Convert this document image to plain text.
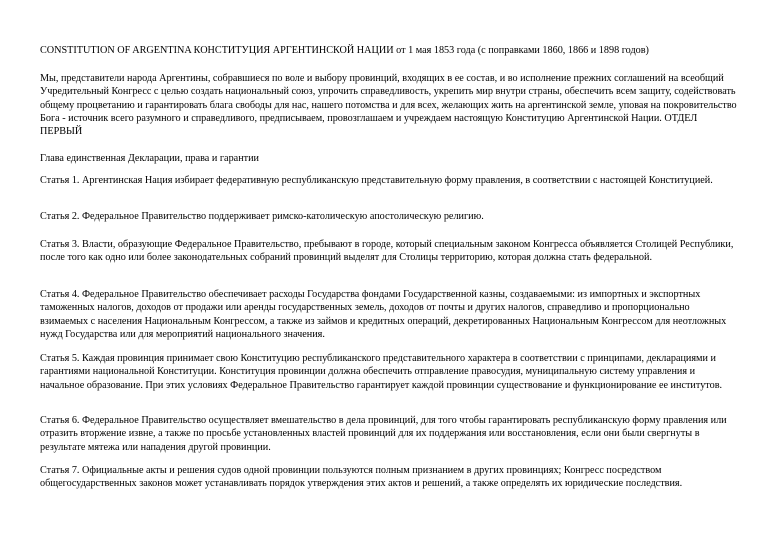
CONSTITUTION OF ARGENTINA КОНСТИТУЦИЯ АРГЕНТИНСКОЙ НАЦИИ от 1 мая 1853 года (с поправками 1860, 1866 и 1898 годов)

Мы, представители народа Аргентины, собравшиеся по воле и выбору провинций, входящих в ее состав, и во исполнение прежних соглашений на всеобщий Учредительный Конгресс с целью создать национальный союз, упрочить справедливость, укрепить мир внутри страны, обеспечить всем защиту, содействовать общему процветанию и гарантировать блага свободы для нас, нашего потомства и для всех, желающих жить на аргентинской земле, уповая на покровительство Бога - источник всего разумного и справедливого, предписываем, провозглашаем и учреждаем настоящую Конституцию Аргентинской Нации. ОТДЕЛ ПЕРВЫЙ

Глава единственная Декларации, права и гарантии

Статья 1. Аргентинская Нация избирает федеративную республиканскую представительную форму правления, в соответствии с настоящей Конституцией.

Статья 2. Федеральное Правительство поддерживает римско-католическую апостолическую религию.

Статья 3. Власти, образующие Федеральное Правительство, пребывают в городе, который специальным законом Конгресса объявляется Столицей Республики, после того как одно или более законодательных собраний провинций выделят для Столицы территорию, которая должна стать федеральной.

Статья 4. Федеральное Правительство обеспечивает расходы Государства фондами Государственной казны, создаваемыми: из импортных и экспортных таможенных налогов, доходов от продажи или аренды государственных земель, доходов от почты и других налогов, справедливо и пропорционально взимаемых с населения Национальным Конгрессом, а также из займов и кредитных операций, декретированных Национальным Конгрессом для неотложных нужд Государства или для мероприятий национального значения.

Статья 5. Каждая провинция принимает свою Конституцию республиканского представительного характера в соответствии с принципами, декларациями и гарантиями национальной Конституции. Конституция провинции должна обеспечить отправление правосудия, муниципальную систему управления и начальное образование. При этих условиях Федеральное Правительство гарантирует каждой провинции существование и функционирование ее институтов.

Статья 6. Федеральное Правительство осуществляет вмешательство в дела провинций, для того чтобы гарантировать республиканскую форму правления или отразить вторжение извне, а также по просьбе установленных властей провинций для их поддержания или восстановления, если они были свергнуты в результате мятежа или нападения другой провинции.

Статья 7. Официальные акты и решения судов одной провинции пользуются полным признанием в других провинциях; Конгресс посредством общегосударственных законов может устанавливать порядок утверждения этих актов и решений, а также определять их юридические последствия.
